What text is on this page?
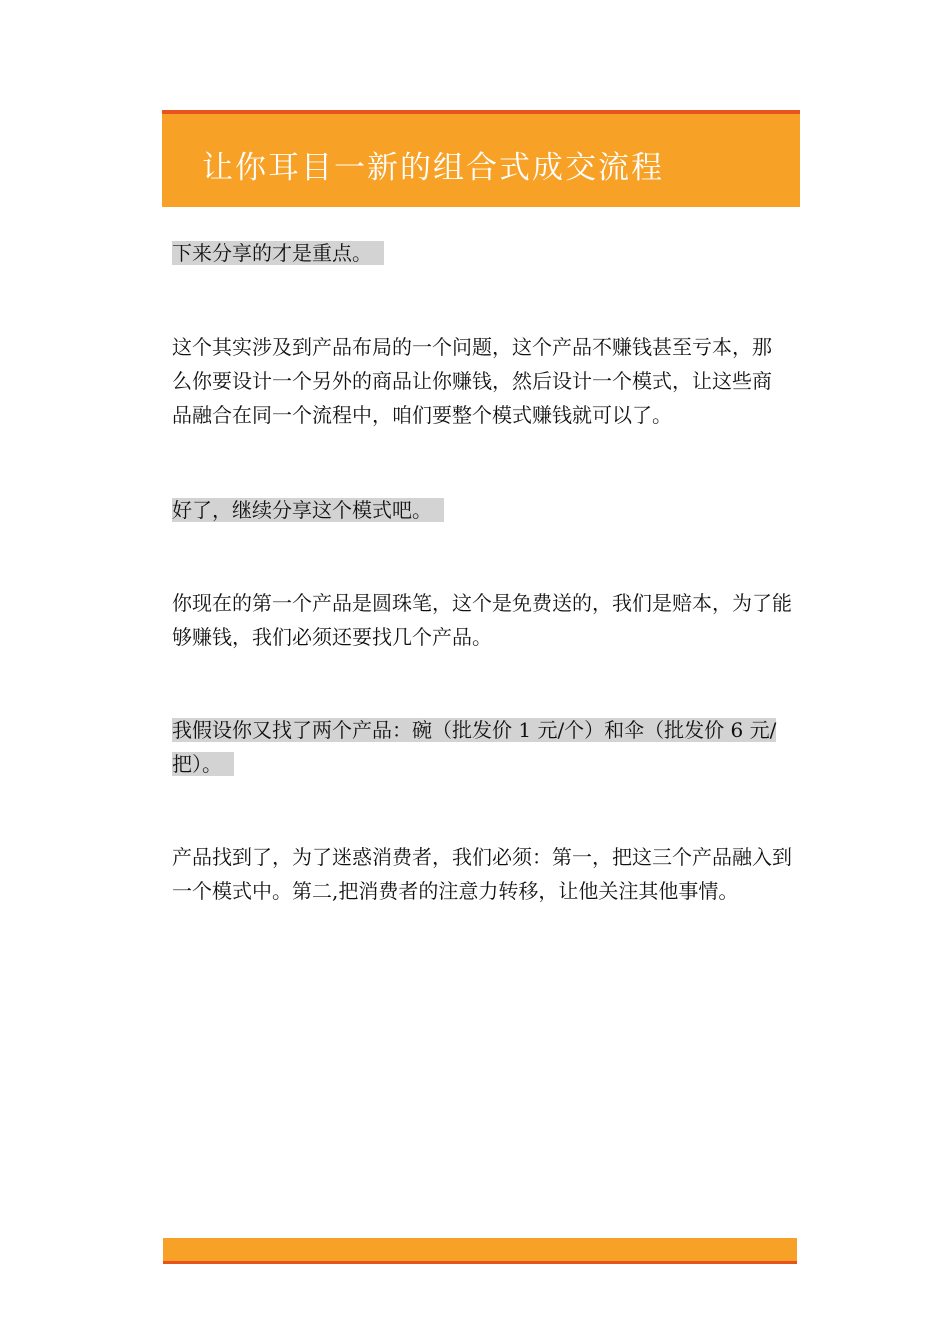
让你耳目一新的组合式成交流程

下来分享的才是重点。

这个其实涉及到产品布局的一个问题，这个产品不赚钱甚至亏本，那么你要设计一个另外的商品让你赚钱，然后设计一个模式，让这些商品融合在同一个流程中，咱们要整个模式赚钱就可以了。

好了，继续分享这个模式吧。

你现在的第一个产品是圆珠笔，这个是免费送的，我们是赔本，为了能够赚钱，我们必须还要找几个产品。

我假设你又找了两个产品：碗（批发价 1 元/个）和伞（批发价 6 元/把）。

产品找到了，为了迷惑消费者，我们必须：第一，把这三个产品融入到一个模式中。第二,把消费者的注意力转移，让他关注其他事情。
